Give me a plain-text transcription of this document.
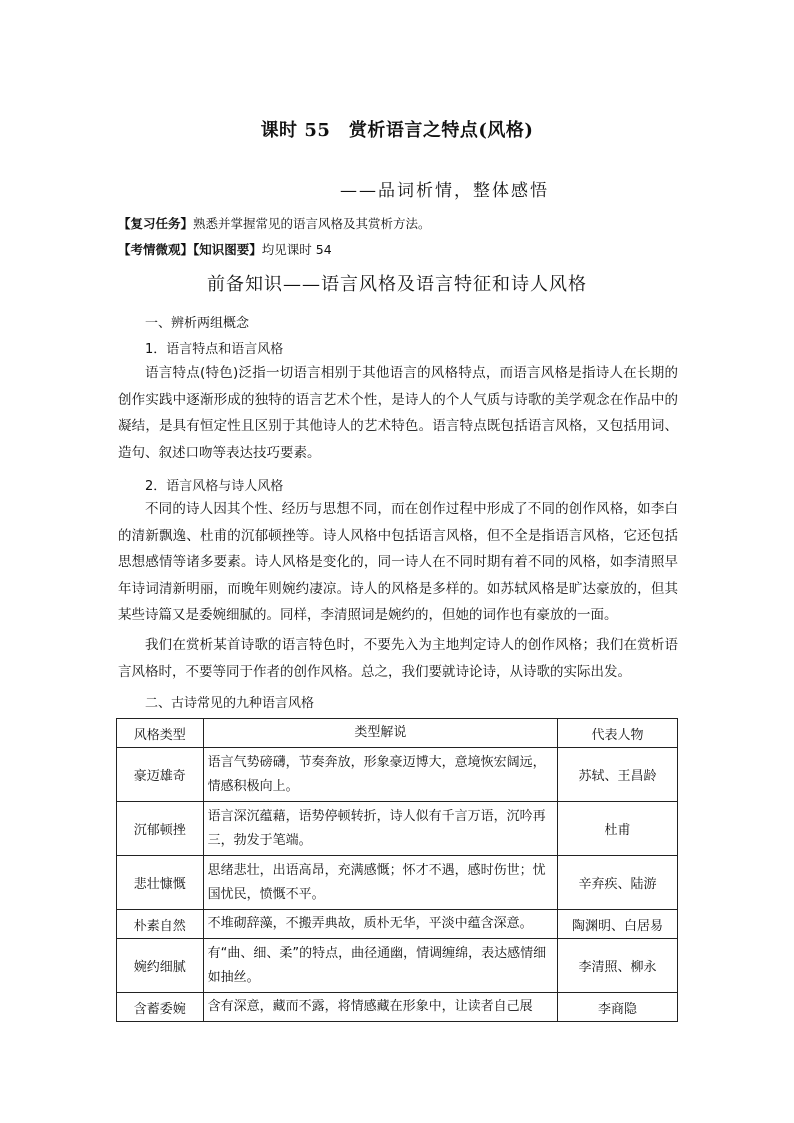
课时 55　赏析语言之特点(风格)
——品词析情，整体感悟
【复习任务】熟悉并掌握常见的语言风格及其赏析方法。
【考情微观】【知识图要】均见课时 54
前备知识——语言风格及语言特征和诗人风格
一、辨析两组概念
1．语言特点和语言风格

语言特点(特色)泛指一切语言相别于其他语言的风格特点，而语言风格是指诗人在长期的创作实践中逐渐形成的独特的语言艺术个性，是诗人的个人气质与诗歌的美学观念在作品中的凝结，是具有恒定性且区别于其他诗人的艺术特色。语言特点既包括语言风格，又包括用词、造句、叙述口吻等表达技巧要素。

2．语言风格与诗人风格

不同的诗人因其个性、经历与思想不同，而在创作过程中形成了不同的创作风格，如李白的清新飘逸、杜甫的沉郁顿挫等。诗人风格中包括语言风格，但不全是指语言风格，它还包括思想感情等诸多要素。诗人风格是变化的，同一诗人在不同时期有着不同的风格，如李清照早年诗词清新明丽，而晚年则婉约凄凉。诗人的风格是多样的。如苏轼风格是旷达豪放的，但其某些诗篇又是委婉细腻的。同样，李清照词是婉约的，但她的词作也有豪放的一面。

我们在赏析某首诗歌的语言特色时，不要先入为主地判定诗人的创作风格；我们在赏析语言风格时，不要等同于作者的创作风格。总之，我们要就诗论诗，从诗歌的实际出发。

二、古诗常见的九种语言风格
风格类型	类型解说	代表人物
豪迈雄奇	语言气势磅礴，节奏奔放，形象豪迈博大，意境恢宏阔远，情感积极向上。	苏轼、王昌龄
沉郁顿挫	语言深沉蕴藉，语势停顿转折，诗人似有千言万语，沉吟再三，勃发于笔端。	杜甫
悲壮慷慨	思绪悲壮，出语高昂，充满感慨；怀才不遇，感时伤世；忧国忧民，愤慨不平。	辛弃疾、陆游
朴素自然	不堆砌辞藻，不搬弄典故，质朴无华，平淡中蕴含深意。	陶渊明、白居易
婉约细腻	有“曲、细、柔”的特点，曲径通幽，情调缠绵，表达感情细如抽丝。	李清照、柳永
含蓄委婉	含有深意，藏而不露，将情感藏在形象中，让读者自己展	李商隐
